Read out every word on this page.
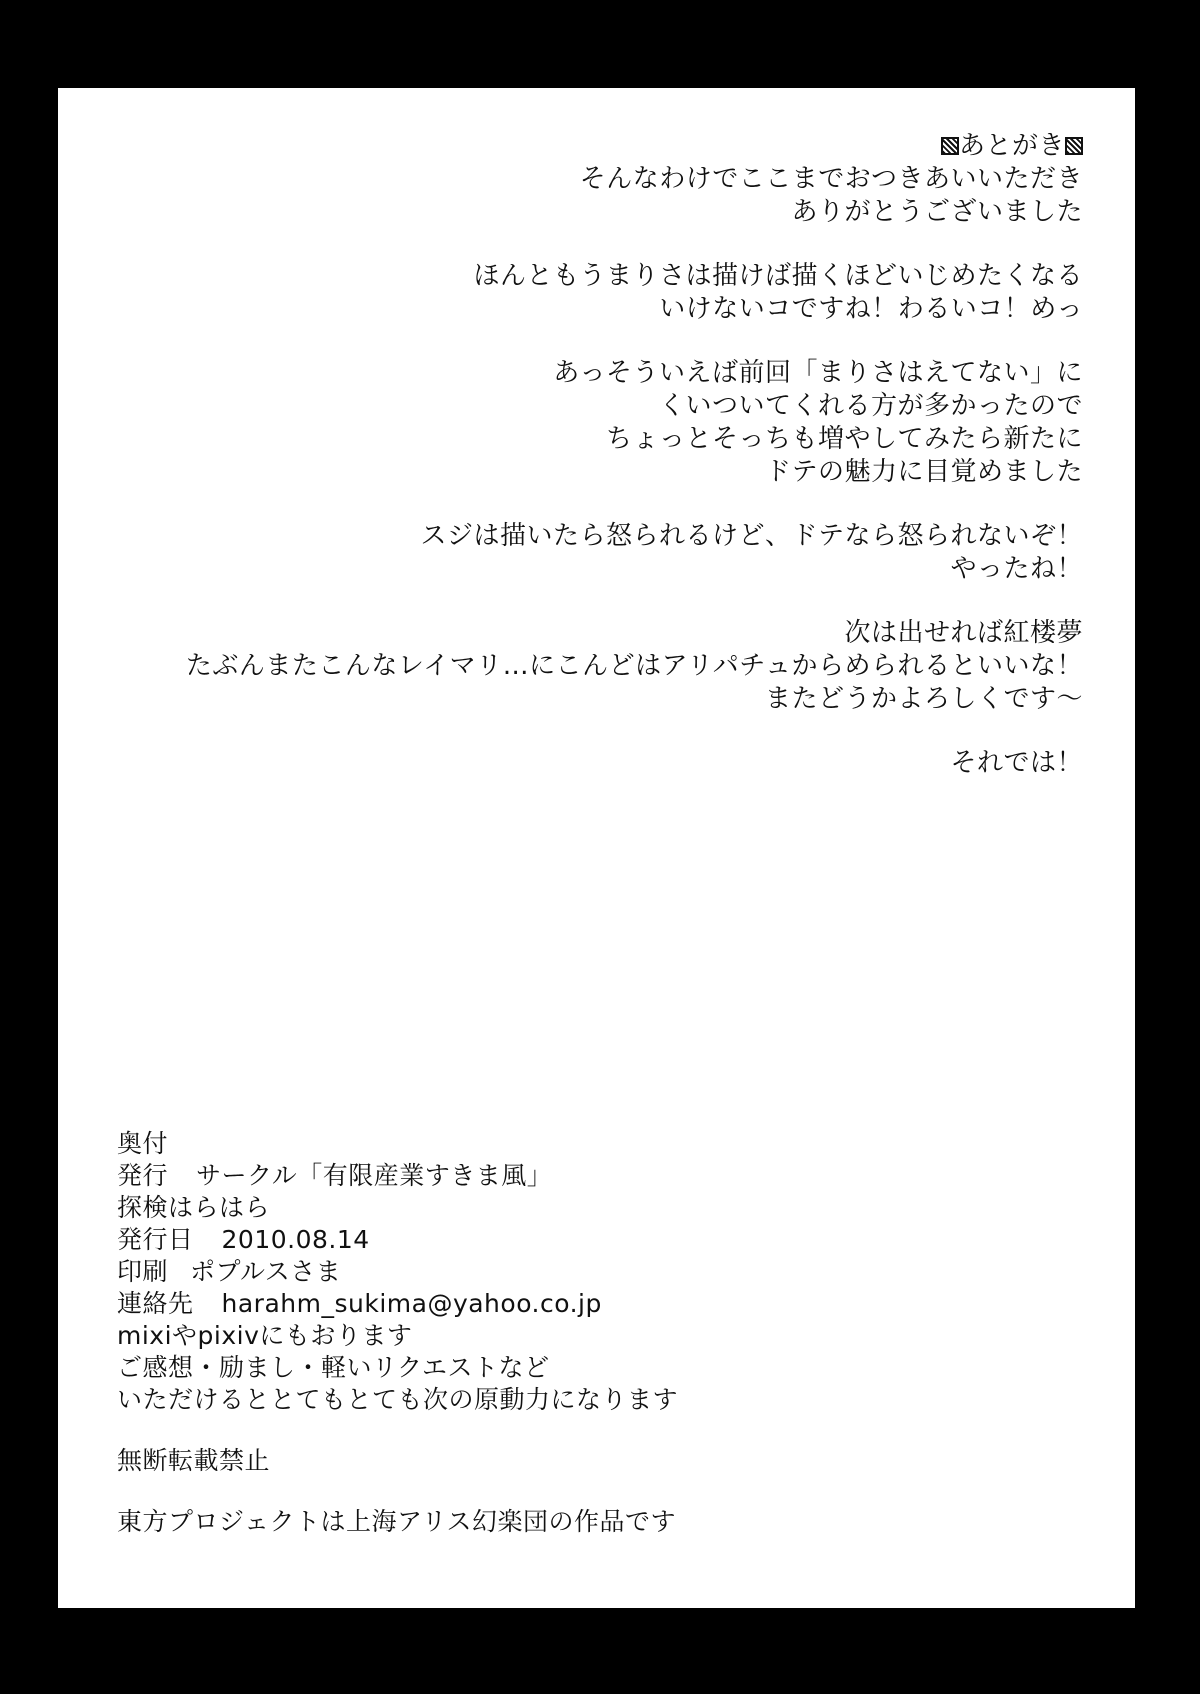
あとがき
そんなわけでここまでおつきあいいただき
ありがとうございました
ほんともうまりさは描けば描くほどいじめたくなる
いけないコですね！わるいコ！めっ
あっそういえば前回「まりさはえてない」に
くいついてくれる方が多かったので
ちょっとそっちも増やしてみたら新たに
ドテの魅力に目覚めました
スジは描いたら怒られるけど、ドテなら怒られないぞ！
やったね！
次は出せれば紅楼夢
たぶんまたこんなレイマリ…にこんどはアリパチュからめられるといいな！
またどうかよろしくです～
それでは！
奥付
発行 サークル「有限産業すきま風」
探検はらはら
発行日 2010.08.14
印刷 ポプルスさま
連絡先 harahm_sukima@yahoo.co.jp
mixiやpixivにもおります
ご感想・励まし・軽いリクエストなど
いただけるととてもとても次の原動力になります
無断転載禁止
東方プロジェクトは上海アリス幻楽団の作品です
